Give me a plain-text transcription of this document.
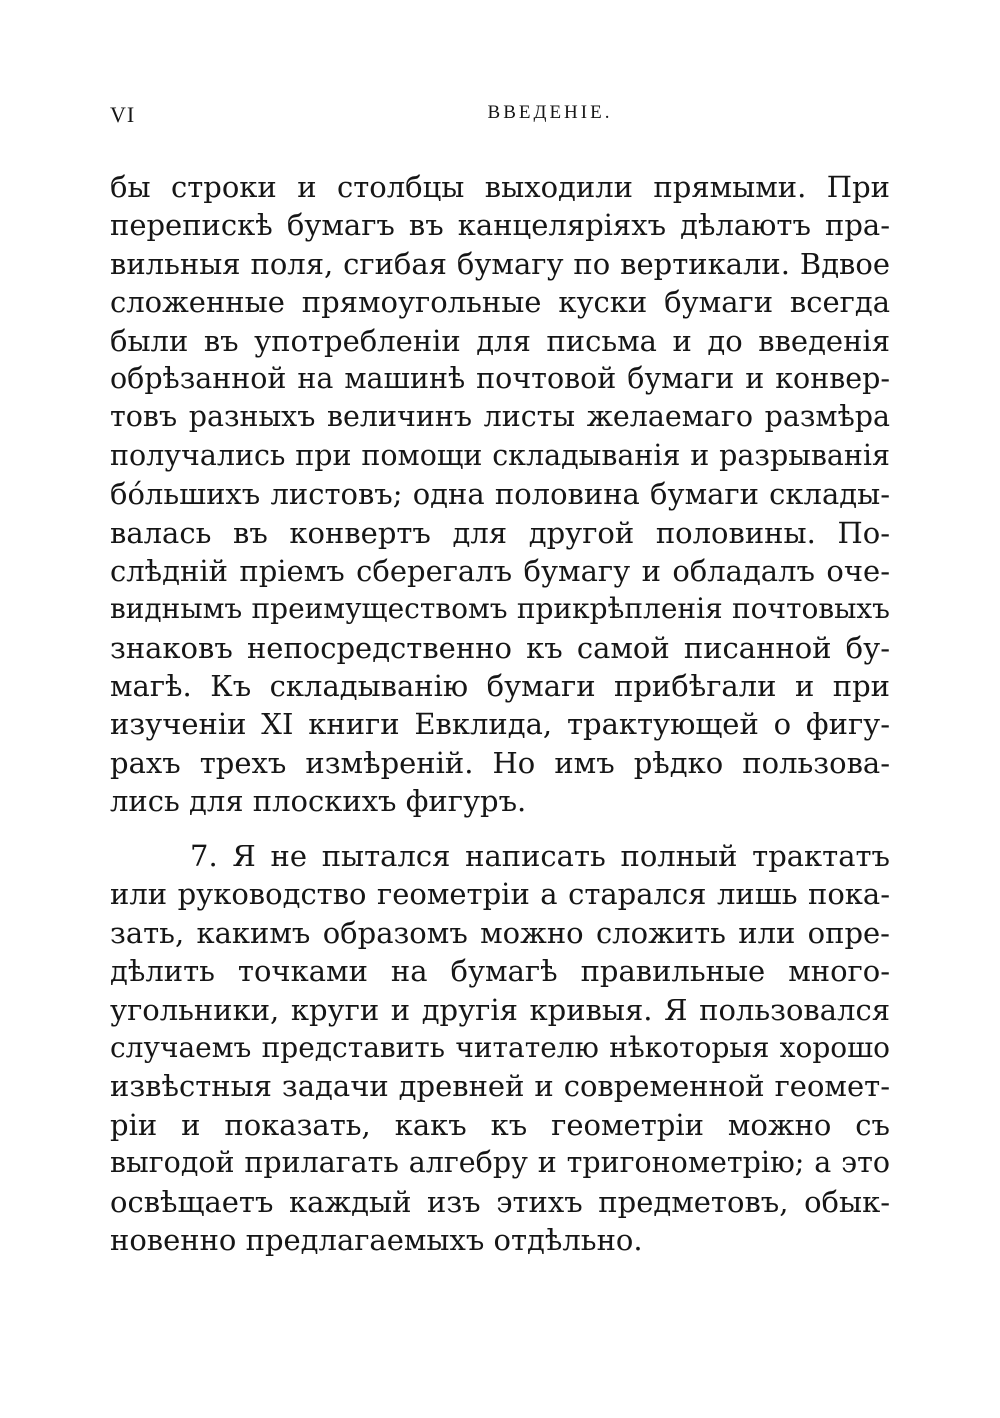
VI	ВВЕДЕНІЕ.
бы строки и столбцы выходили прямыми. При
перепискѣ бумагъ въ канцеляріяхъ дѣлаютъ пра-
вильныя поля, сгибая бумагу по вертикали. Вдвое
сложенные прямоугольные куски бумаги всегда
были въ употребленіи для письма и до введенія
обрѣзанной на машинѣ почтовой бумаги и конвер-
товъ разныхъ величинъ листы желаемаго размѣра
получались при помощи складыванія и разрыванія
бóльшихъ листовъ; одна половина бумаги склады-
валась въ конвертъ для другой половины. По-
слѣдній пріемъ сберегалъ бумагу и обладалъ оче-
виднымъ преимуществомъ прикрѣпленія почтовыхъ
знаковъ непосредственно къ самой писанной бу-
магѣ. Къ складыванію бумаги прибѣгали и при
изученіи XI книги Евклида, трактующей о фигу-
рахъ трехъ измѣреній. Но имъ рѣдко пользова-
лись для плоскихъ фигуръ.
7. Я не пытался написать полный трактатъ
или руководство геометріи а старался лишь пока-
зать, какимъ образомъ можно сложить или опре-
дѣлить точками на бумагѣ правильные много-
угольники, круги и другія кривыя. Я пользовался
случаемъ представить читателю нѣкоторыя хорошо
извѣстныя задачи древней и современной геомет-
ріи и показать, какъ къ геометріи можно съ
выгодой прилагать алгебру и тригонометрію; а это
освѣщаетъ каждый изъ этихъ предметовъ, обык-
новенно предлагаемыхъ отдѣльно.
